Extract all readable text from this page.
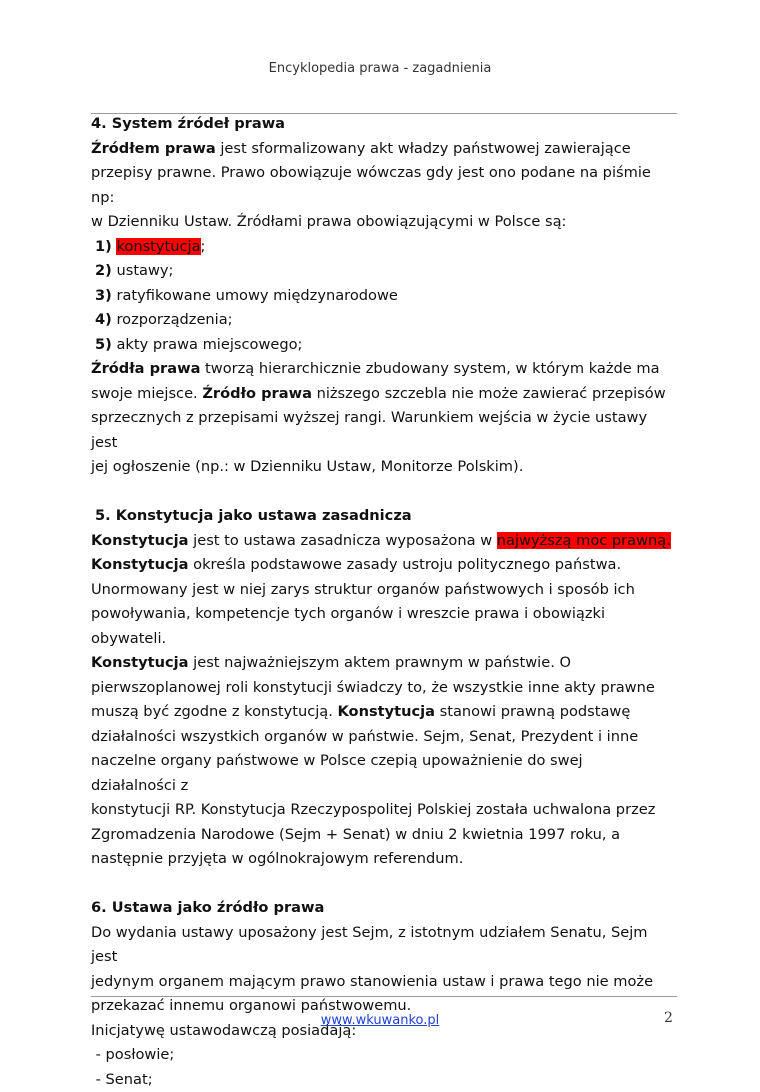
Encyklopedia prawa - zagadnienia

4. System źródeł prawa

Źródłem prawa jest sformalizowany akt władzy państwowej zawierające

przepisy prawne. Prawo obowiązuje wówczas gdy jest ono podane na piśmie np:

w Dzienniku Ustaw. Źródłami prawa obowiązującymi w Polsce są:

1) konstytucja;

2) ustawy;

3) ratyfikowane umowy międzynarodowe

4) rozporządzenia;

5) akty prawa miejscowego;

Źródła prawa tworzą hierarchicznie zbudowany system, w którym każde ma

swoje miejsce. Źródło prawa niższego szczebla nie może zawierać przepisów

sprzecznych z przepisami wyższej rangi. Warunkiem wejścia w życie ustawy jest

jej ogłoszenie (np.: w Dzienniku Ustaw, Monitorze Polskim).

5. Konstytucja jako ustawa zasadnicza

Konstytucja jest to ustawa zasadnicza wyposażona w najwyższą moc prawną.

Konstytucja określa podstawowe zasady ustroju politycznego państwa.

Unormowany jest w niej zarys struktur organów państwowych i sposób ich

powoływania, kompetencje tych organów i wreszcie prawa i obowiązki obywateli.

Konstytucja jest najważniejszym aktem prawnym w państwie. O

pierwszoplanowej roli konstytucji świadczy to, że wszystkie inne akty prawne

muszą być zgodne z konstytucją. Konstytucja stanowi prawną podstawę

działalności wszystkich organów w państwie. Sejm, Senat, Prezydent i inne

naczelne organy państwowe w Polsce czepią upoważnienie do swej działalności z

konstytucji RP. Konstytucja Rzeczypospolitej Polskiej została uchwalona przez

Zgromadzenia Narodowe (Sejm + Senat) w dniu 2 kwietnia 1997 roku, a

następnie przyjęta w ogólnokrajowym referendum.

6. Ustawa jako źródło prawa

Do wydania ustawy uposażony jest Sejm, z istotnym udziałem Senatu, Sejm jest

jedynym organem mającym prawo stanowienia ustaw i prawa tego nie może

przekazać innemu organowi państwowemu.

Inicjatywę ustawodawczą posiadają:

- posłowie;

- Senat;

www.wkuwanko.pl	2
